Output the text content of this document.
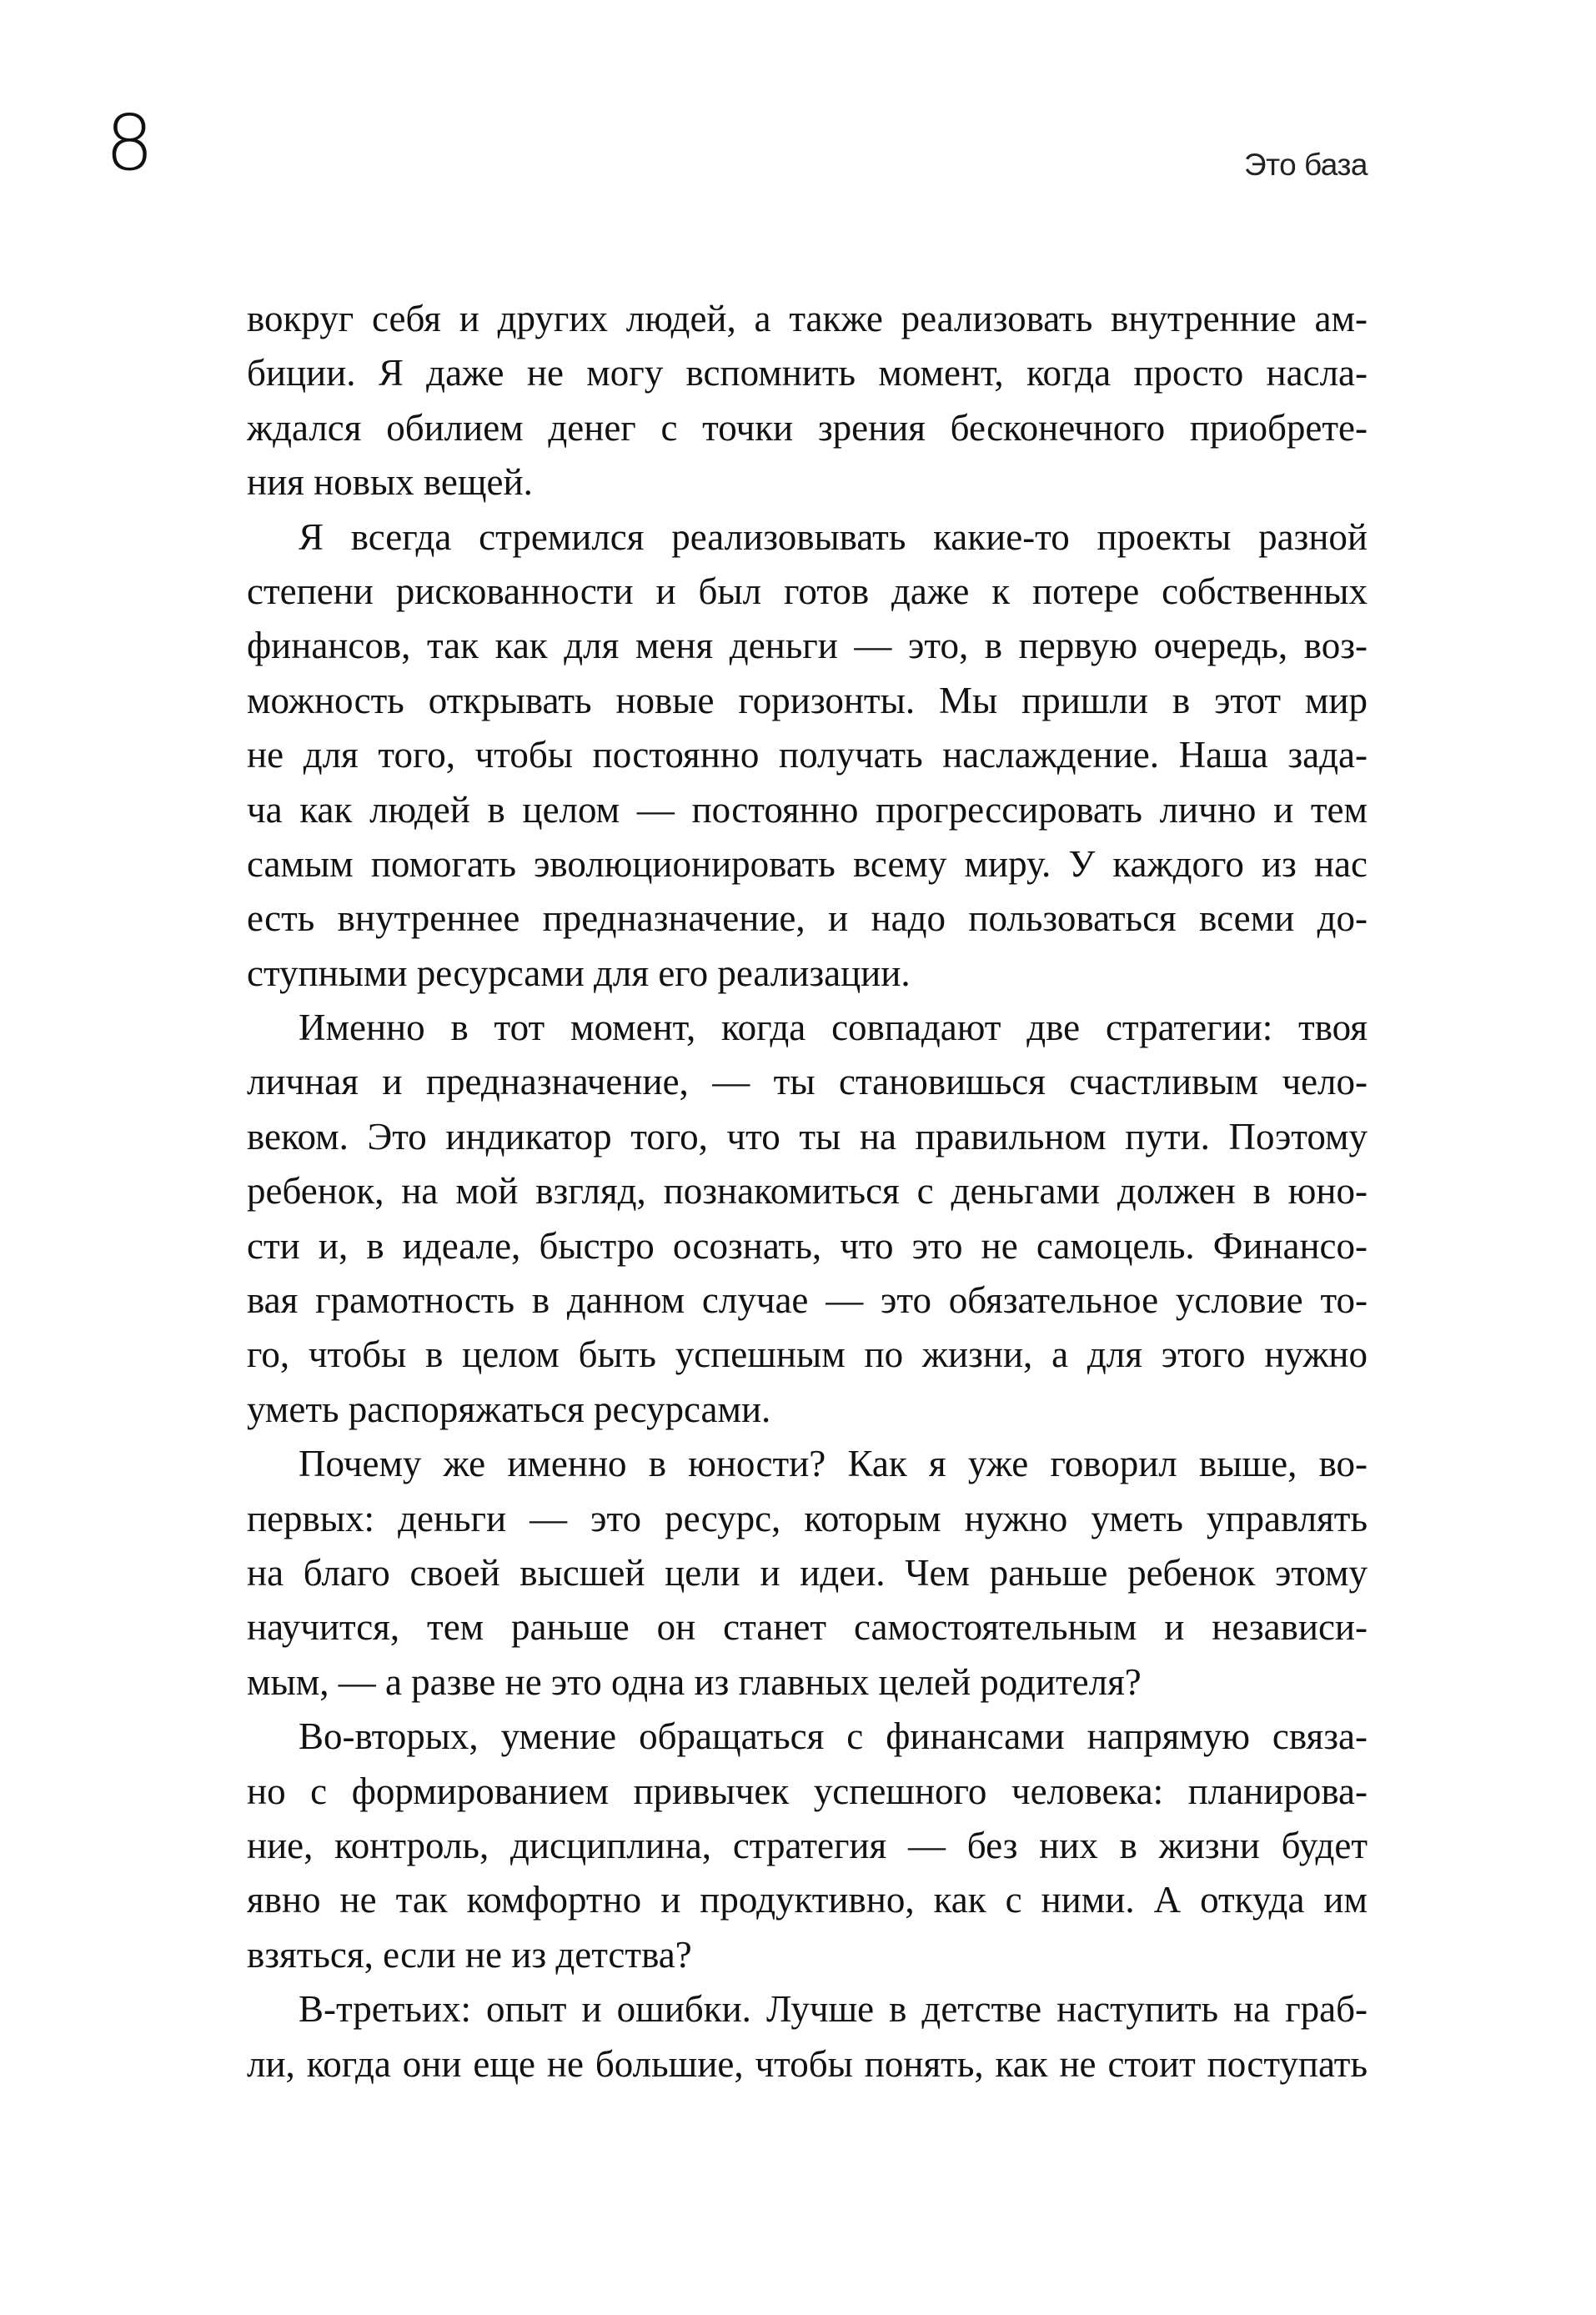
8	Это база
вокруг себя и других людей, а также реализовать внутренние ам-
биции. Я даже не могу вспомнить момент, когда просто насла-
ждался обилием денег с точки зрения бесконечного приобрете-
ния новых вещей.
Я всегда стремился реализовывать какие-то проекты разной
степени рискованности и был готов даже к потере собственных
финансов, так как для меня деньги — это, в первую очередь, воз-
можность открывать новые горизонты. Мы пришли в этот мир
не для того, чтобы постоянно получать наслаждение. Наша зада-
ча как людей в целом — постоянно прогрессировать лично и тем
самым помогать эволюционировать всему миру. У каждого из нас
есть внутреннее предназначение, и надо пользоваться всеми до-
ступными ресурсами для его реализации.
Именно в тот момент, когда совпадают две стратегии: твоя
личная и предназначение, — ты становишься счастливым чело-
веком. Это индикатор того, что ты на правильном пути. Поэтому
ребенок, на мой взгляд, познакомиться с деньгами должен в юно-
сти и, в идеале, быстро осознать, что это не самоцель. Финансо-
вая грамотность в данном случае — это обязательное условие то-
го, чтобы в целом быть успешным по жизни, а для этого нужно
уметь распоряжаться ресурсами.
Почему же именно в юности? Как я уже говорил выше, во-
первых: деньги — это ресурс, которым нужно уметь управлять
на благо своей высшей цели и идеи. Чем раньше ребенок этому
научится, тем раньше он станет самостоятельным и независи-
мым, — а разве не это одна из главных целей родителя?
Во-вторых, умение обращаться с финансами напрямую связа-
но с формированием привычек успешного человека: планирова-
ние, контроль, дисциплина, стратегия — без них в жизни будет
явно не так комфортно и продуктивно, как с ними. А откуда им
взяться, если не из детства?
В-третьих: опыт и ошибки. Лучше в детстве наступить на граб-
ли, когда они еще не большие, чтобы понять, как не стоит поступать
